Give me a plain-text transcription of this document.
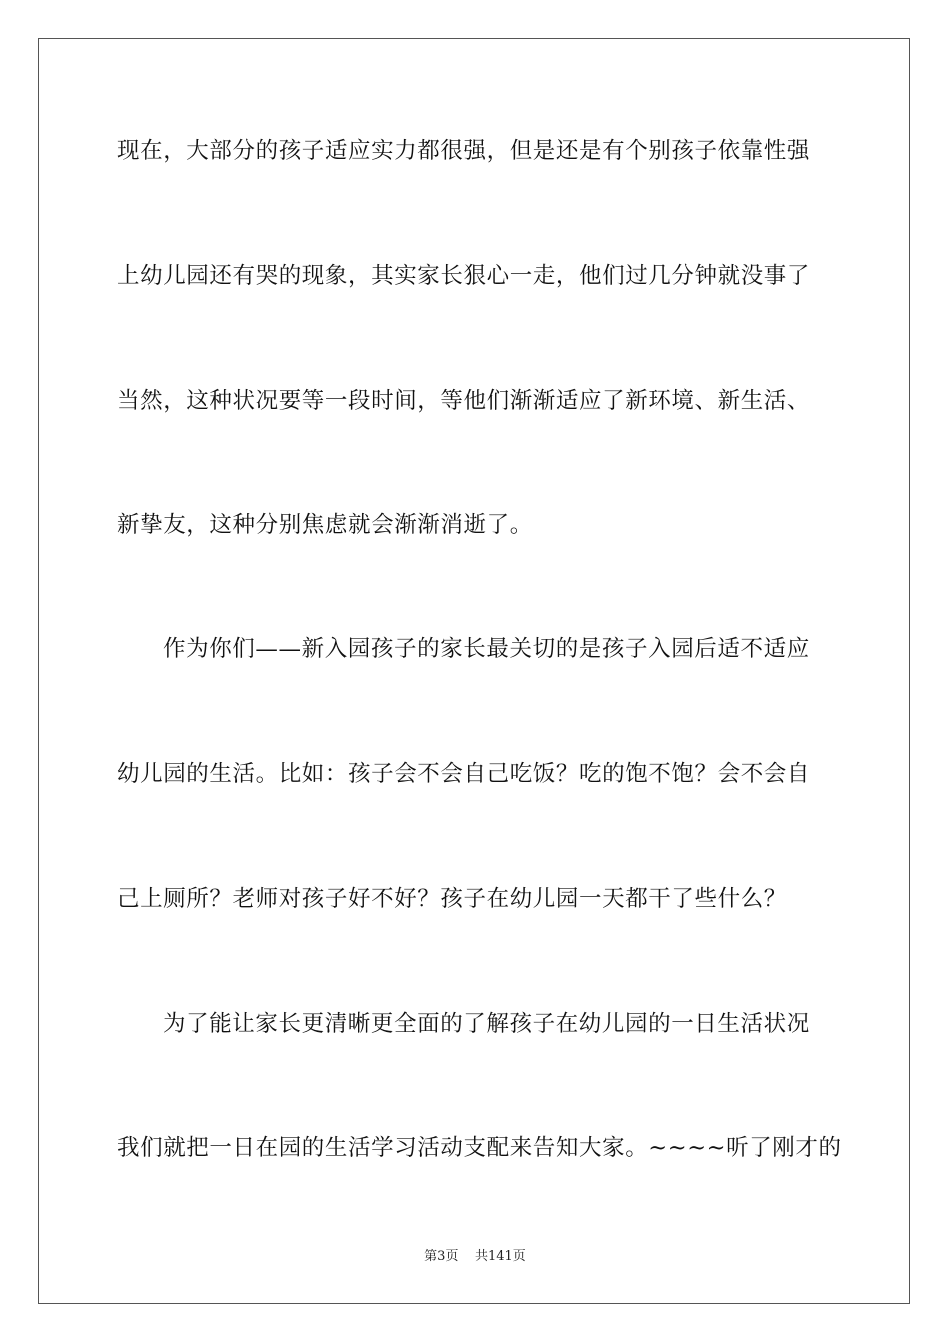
现在，大部分的孩子适应实力都很强，但是还是有个别孩子依靠性强
上幼儿园还有哭的现象，其实家长狠心一走，他们过几分钟就没事了
当然，这种状况要等一段时间，等他们渐渐适应了新环境、新生活、
新挚友，这种分别焦虑就会渐渐消逝了。
作为你们——新入园孩子的家长最关切的是孩子入园后适不适应
幼儿园的生活。比如：孩子会不会自己吃饭？吃的饱不饱？会不会自
己上厕所？老师对孩子好不好？孩子在幼儿园一天都干了些什么？
为了能让家长更清晰更全面的了解孩子在幼儿园的一日生活状况
我们就把一日在园的生活学习活动支配来告知大家。~~~~听了刚才的
第3页 共141页
